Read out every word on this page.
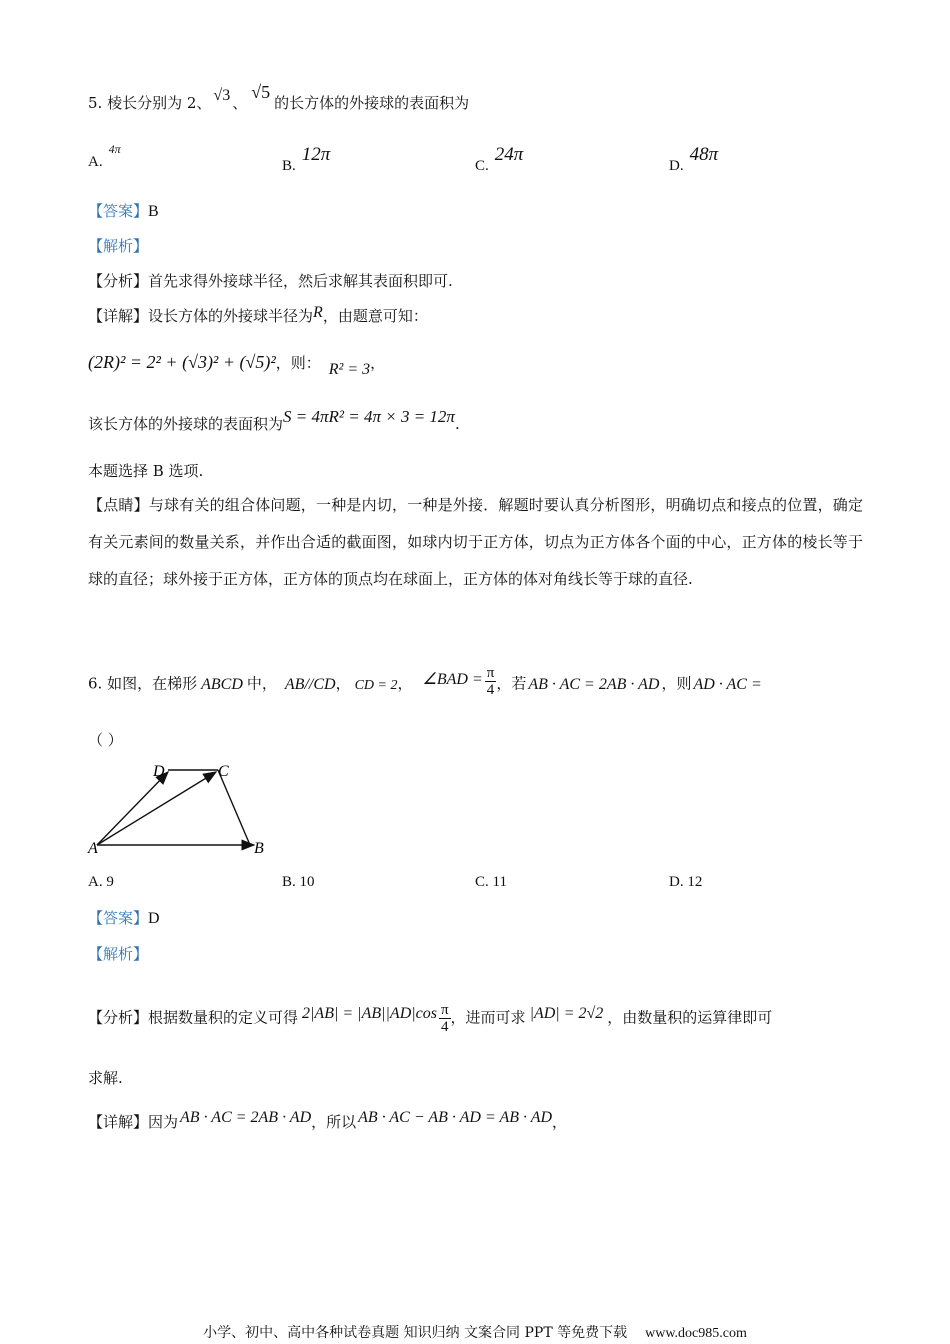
5. 棱长分别为 2、 √3 、√5的长方体的外接球的表面积为
A.$^{4\pi}$
B.12π
C.24π
D.48π
【答案】B
【解析】
【分析】首先求得外接球半径，然后求解其表面积即可.
【详解】设长方体的外接球半径为R，由题意可知：
(2R)² = 2² + (√3)² + (√5)²，则： R² = 3，
该长方体的外接球的表面积为S = 4πR² = 4π × 3 = 12π.
本题选择 B 选项.
【点睛】与球有关的组合体问题，一种是内切，一种是外接．解题时要认真分析图形，明确切点和接点的位置，确定有关元素间的数量关系，并作出合适的截面图，如球内切于正方体，切点为正方体各个面的中心，正方体的棱长等于球的直径；球外接于正方体，正方体的顶点均在球面上，正方体的体对角线长等于球的直径.
6. 如图，在梯形 ABCD 中， AB//CD， CD = 2， ∠BAD = $\frac{\pi}{4}$ ，若 AB · AC = 2AB · AD ，则 AD · AC =
（ ）
A	B
C
D
A. 9	B. 10	C. 11	D. 12
【答案】D
【解析】
【分析】根据数量积的定义可得 $2|AB| = |AB||AD|\cos \frac{\pi}{4}$ ，进而可求 |AD| = 2√2 ，由数量积的运算律即可
求解.
【详解】因为 AB · AC = 2AB · AD，所以 AB · AC − AB · AD = AB · AD，
小学、初中、高中各种试卷真题 知识归纳 文案合同 PPT 等免费下载 www.doc985.com
